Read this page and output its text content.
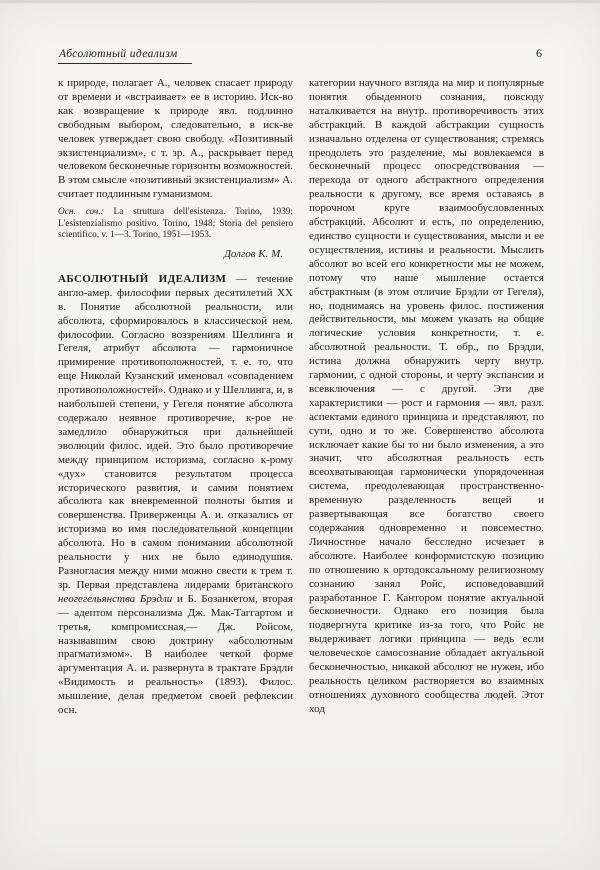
Абсолютный идеализм	6

к природе, полагает А., человек спасает природу от времени и «встраивает» ее в историю. Иск-во как возвращение к природе явл. подлинно свободным выбором, следовательно, в иск-ве человек утверждает свою свободу. «Позитивный экзистенциализм», с т. зр. А., раскрывает перед человеком бесконечные горизонты возможностей. В этом смысле «позитивный экзистенциализм» А. считает подлинным гуманизмом.

Осн. соч.: La struttura dell'esistenza. Torino, 1939; L'esistenzialismo positivo. Torino, 1948; Storia del pensiero scientifico, v. 1—3. Torino, 1951—1953.

Долгов К. М.

АБСОЛЮТНЫЙ ИДЕАЛИЗМ — течение англо-амер. философии первых десятилетий XX в. Понятие абсолютной реальности, или абсолюта, сформировалось в классической нем. философии. Согласно воззрениям Шеллинга и Гегеля, атрибут абсолюта — гармоничное примирение противоположностей, т. е. то, что еще Николай Кузанский именовал «совпадением противоположностей». Однако и у Шеллинга, и, в наибольшей степени, у Гегеля понятие абсолюта содержало неявное противоречие, к-рое не замедлило обнаружиться при дальнейшей эволюции филос. идей. Это было противоречие между принципом историзма, согласно к-рому «дух» становится результатом процесса исторического развития, и самим понятием абсолюта как вневременной полноты бытия и совершенства. Приверженцы А. и. отказались от историзма во имя последовательной концепции абсолюта. Но в самом понимании абсолютной реальности у них не было единодушия. Разногласия между ними можно свести к трем т. зр. Первая представлена лидерами британского неогегельянства Брэдли и Б. Бозанкетом, вторая — адептом персонализма Дж. Мак-Таггартом и третья, компромиссная,— Дж. Ройсом, называвшим свою доктрину «абсолютным прагматизмом». В наиболее четкой форме аргументация А. и. развернута в трактате Брэдли «Видимость и реальность» (1893). Филос. мышление, делая предметом своей рефлексии осн.

категории научного взгляда на мир и популярные понятия обыденного сознания, повсюду наталкивается на внутр. противоречивость этих абстракций. В каждой абстракции сущность изначально отделена от существования; стремясь преодолеть это разделение, мы вовлекаемся в бесконечный процесс опосредствования — перехода от одного абстрактного определения реальности к другому, все время оставаясь в порочном круге взаимообусловленных абстракций. Абсолют и есть, по определению, единство сущности и существования, мысли и ее осуществления, истины и реальности. Мыслить абсолют во всей его конкретности мы не можем, потому что наше мышление остается абстрактным (в этом отличие Брэдли от Гегеля), но, поднимаясь на уровень филос. постижения действительности, мы можем указать на общие логические условия конкретности, т. е. абсолютной реальности. Т. обр., по Брэдли, истина должна обнаружить черту внутр. гармонии, с одной стороны, и черту экспансии и всевключения — с другой. Эти две характеристики — рост и гармония — явл. разл. аспектами единого принципа и представляют, по сути, одно и то же. Совершенство абсолюта исключает какие бы то ни было изменения, а это значит, что абсолютная реальность есть всеохватывающая гармонически упорядоченная система, преодолевающая пространственно-временную разделенность вещей и развертывающая все богатство своего содержания одновременно и повсеместно. Личностное начало бесследно исчезает в абсолюте. Наиболее конформистскую позицию по отношению к ортодоксальному религиозному сознанию занял Ройс, исповедовавший разработанное Г. Кантором понятие актуальной бесконечности. Однако его позиция была подвергнута критике из-за того, что Ройс не выдерживает логики принципа — ведь если человеческое самосознание обладает актуальной бесконечностью, никакой абсолют не нужен, ибо реальность целиком растворяется во взаимных отношениях духовного сообщества людей. Этот ход
